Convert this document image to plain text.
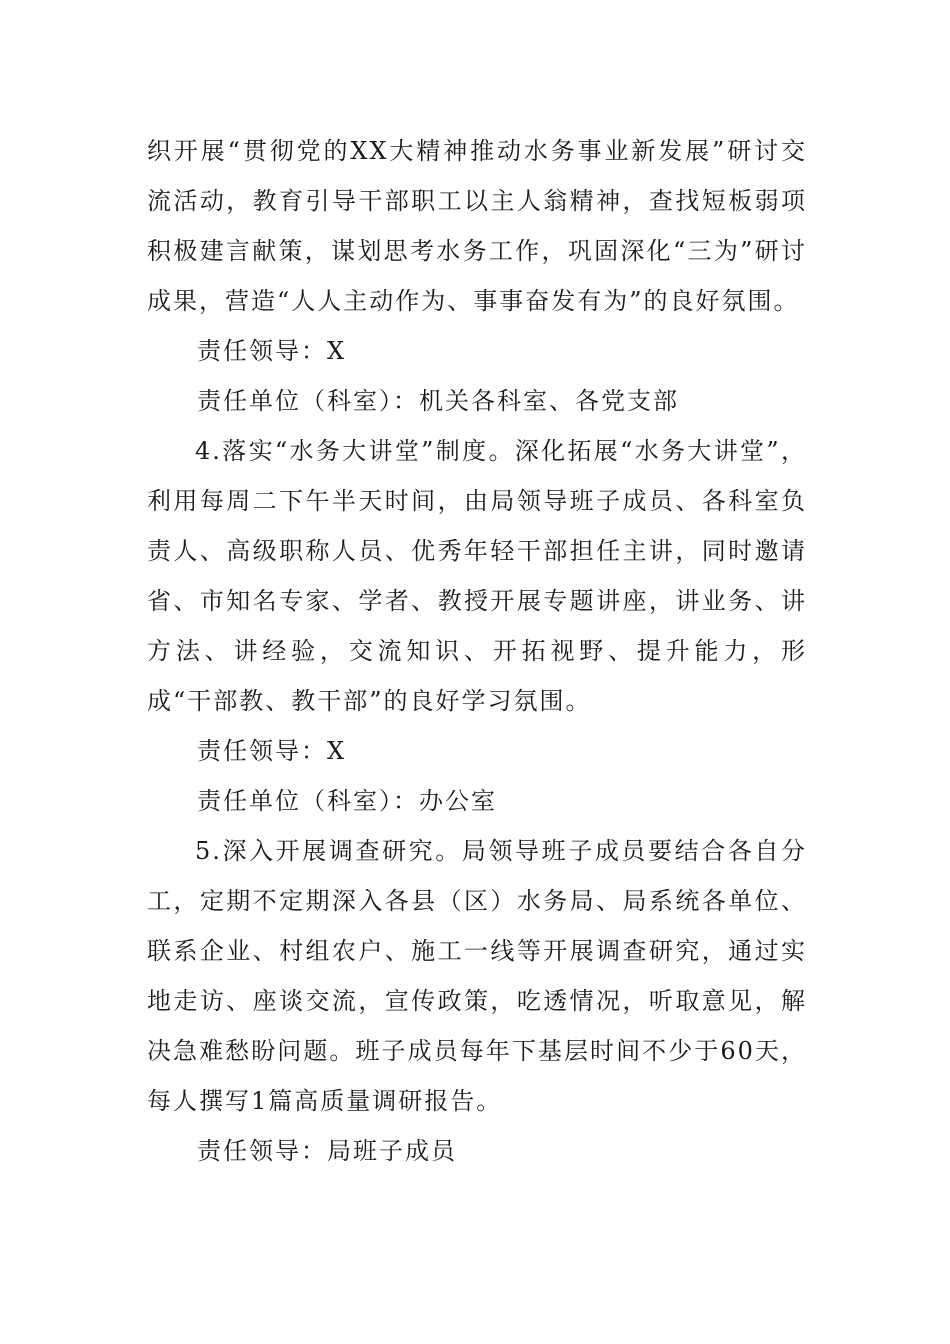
织开展“贯彻党的XX大精神推动水务事业新发展”研讨交流活动，教育引导干部职工以主人翁精神，查找短板弱项积极建言献策，谋划思考水务工作，巩固深化“三为”研讨成果，营造“人人主动作为、事事奋发有为”的良好氛围。

责任领导：X

责任单位（科室）：机关各科室、各党支部

4.落实“水务大讲堂”制度。深化拓展“水务大讲堂”，利用每周二下午半天时间，由局领导班子成员、各科室负责人、高级职称人员、优秀年轻干部担任主讲，同时邀请省、市知名专家、学者、教授开展专题讲座，讲业务、讲方法、讲经验，交流知识、开拓视野、提升能力，形成“干部教、教干部”的良好学习氛围。

责任领导：X

责任单位（科室）：办公室

5.深入开展调查研究。局领导班子成员要结合各自分工，定期不定期深入各县（区）水务局、局系统各单位、联系企业、村组农户、施工一线等开展调查研究，通过实地走访、座谈交流，宣传政策，吃透情况，听取意见，解决急难愁盼问题。班子成员每年下基层时间不少于60天，每人撰写1篇高质量调研报告。

责任领导：局班子成员
